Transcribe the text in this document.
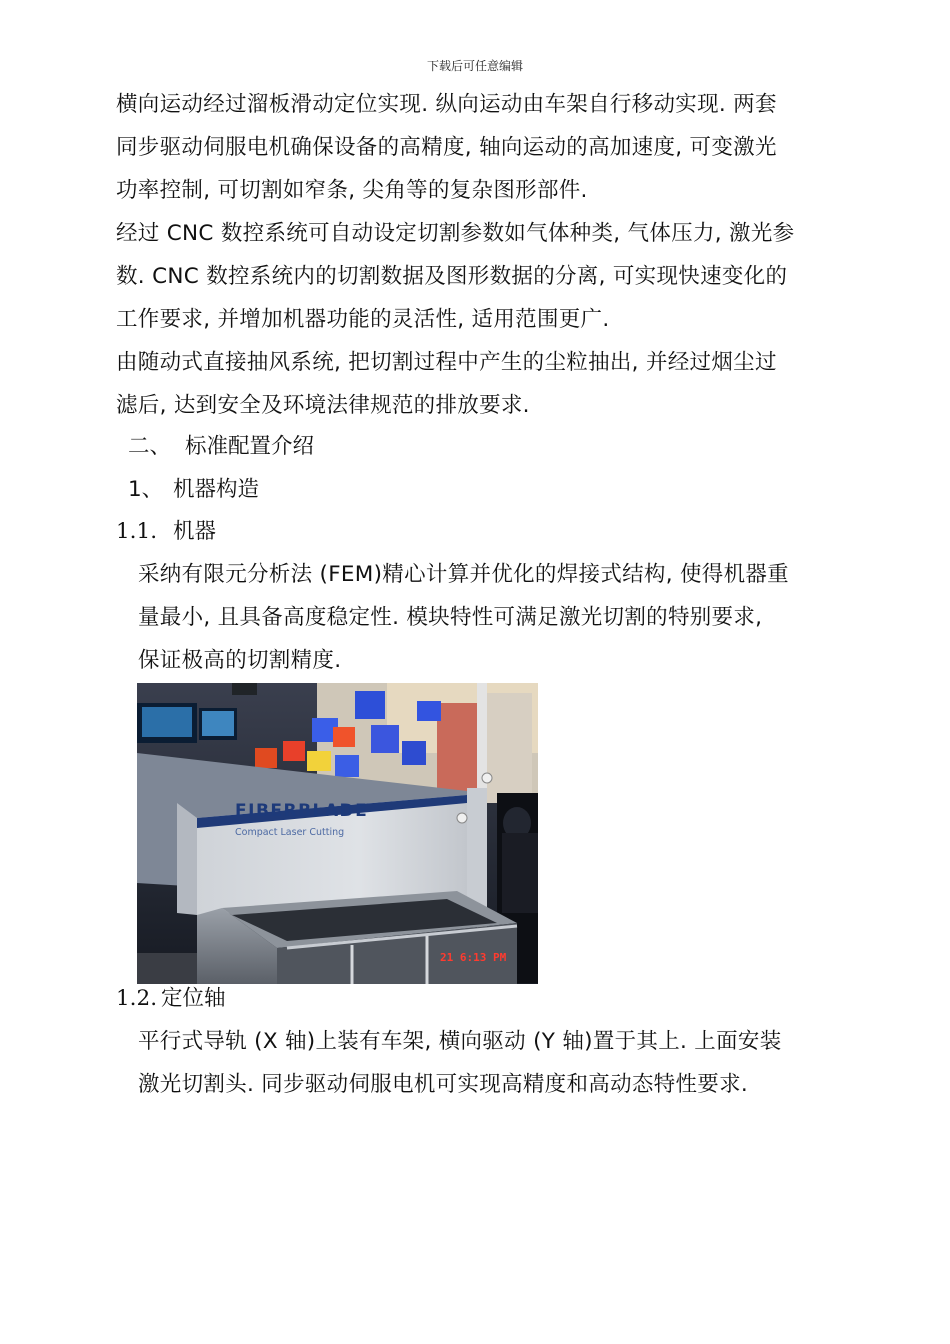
下载后可任意编辑
横向运动经过溜板滑动定位实现. 纵向运动由车架自行移动实现. 两套
同步驱动伺服电机确保设备的高精度, 轴向运动的高加速度, 可变激光
功率控制, 可切割如窄条, 尖角等的复杂图形部件.
经过 CNC 数控系统可自动设定切割参数如气体种类, 气体压力, 激光参
数. CNC 数控系统内的切割数据及图形数据的分离, 可实现快速变化的
工作要求, 并增加机器功能的灵活性, 适用范围更广.
由随动式直接抽风系统, 把切割过程中产生的尘粒抽出, 并经过烟尘过
滤后, 达到安全及环境法律规范的排放要求.
二、 标准配置介绍
1、 机器构造
1.1. 机器
采纳有限元分析法 (FEM)精心计算并优化的焊接式结构, 使得机器重
量最小, 且具备高度稳定性. 模块特性可满足激光切割的特别要求,
保证极高的切割精度.
FIBERBLADE
Compact Laser Cutting
21 6:13 PM
1.2. 定位轴
平行式导轨 (X 轴)上装有车架, 横向驱动 (Y 轴)置于其上. 上面安装
激光切割头. 同步驱动伺服电机可实现高精度和高动态特性要求.
